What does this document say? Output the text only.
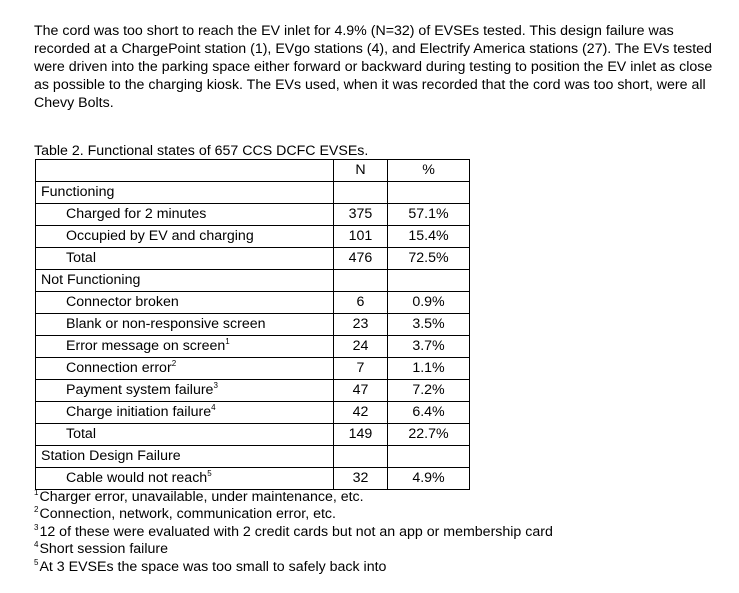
The cord was too short to reach the EV inlet for 4.9% (N=32) of EVSEs tested. This design failure was recorded at a ChargePoint station (1), EVgo stations (4), and Electrify America stations (27). The EVs tested were driven into the parking space either forward or backward during testing to position the EV inlet as close as possible to the charging kiosk. The EVs used, when it was recorded that the cord was too short, were all Chevy Bolts.

Table 2. Functional states of 657 CCS DCFC EVSEs.
	N	%
Functioning		
Charged for 2 minutes	375	57.1%
Occupied by EV and charging	101	15.4%
Total	476	72.5%
Not Functioning		
Connector broken	6	0.9%
Blank or non-responsive screen	23	3.5%
Error message on screen$^1$	24	3.7%
Connection error$^2$	7	1.1%
Payment system failure$^3$	47	7.2%
Charge initiation failure$^4$	42	6.4%
Total	149	22.7%
Station Design Failure		
Cable would not reach$^5$	32	4.9%
$^1$Charger error, unavailable, under maintenance, etc.
$^2$Connection, network, communication error, etc.
$^3$12 of these were evaluated with 2 credit cards but not an app or membership card
$^4$Short session failure
$^5$At 3 EVSEs the space was too small to safely back into
